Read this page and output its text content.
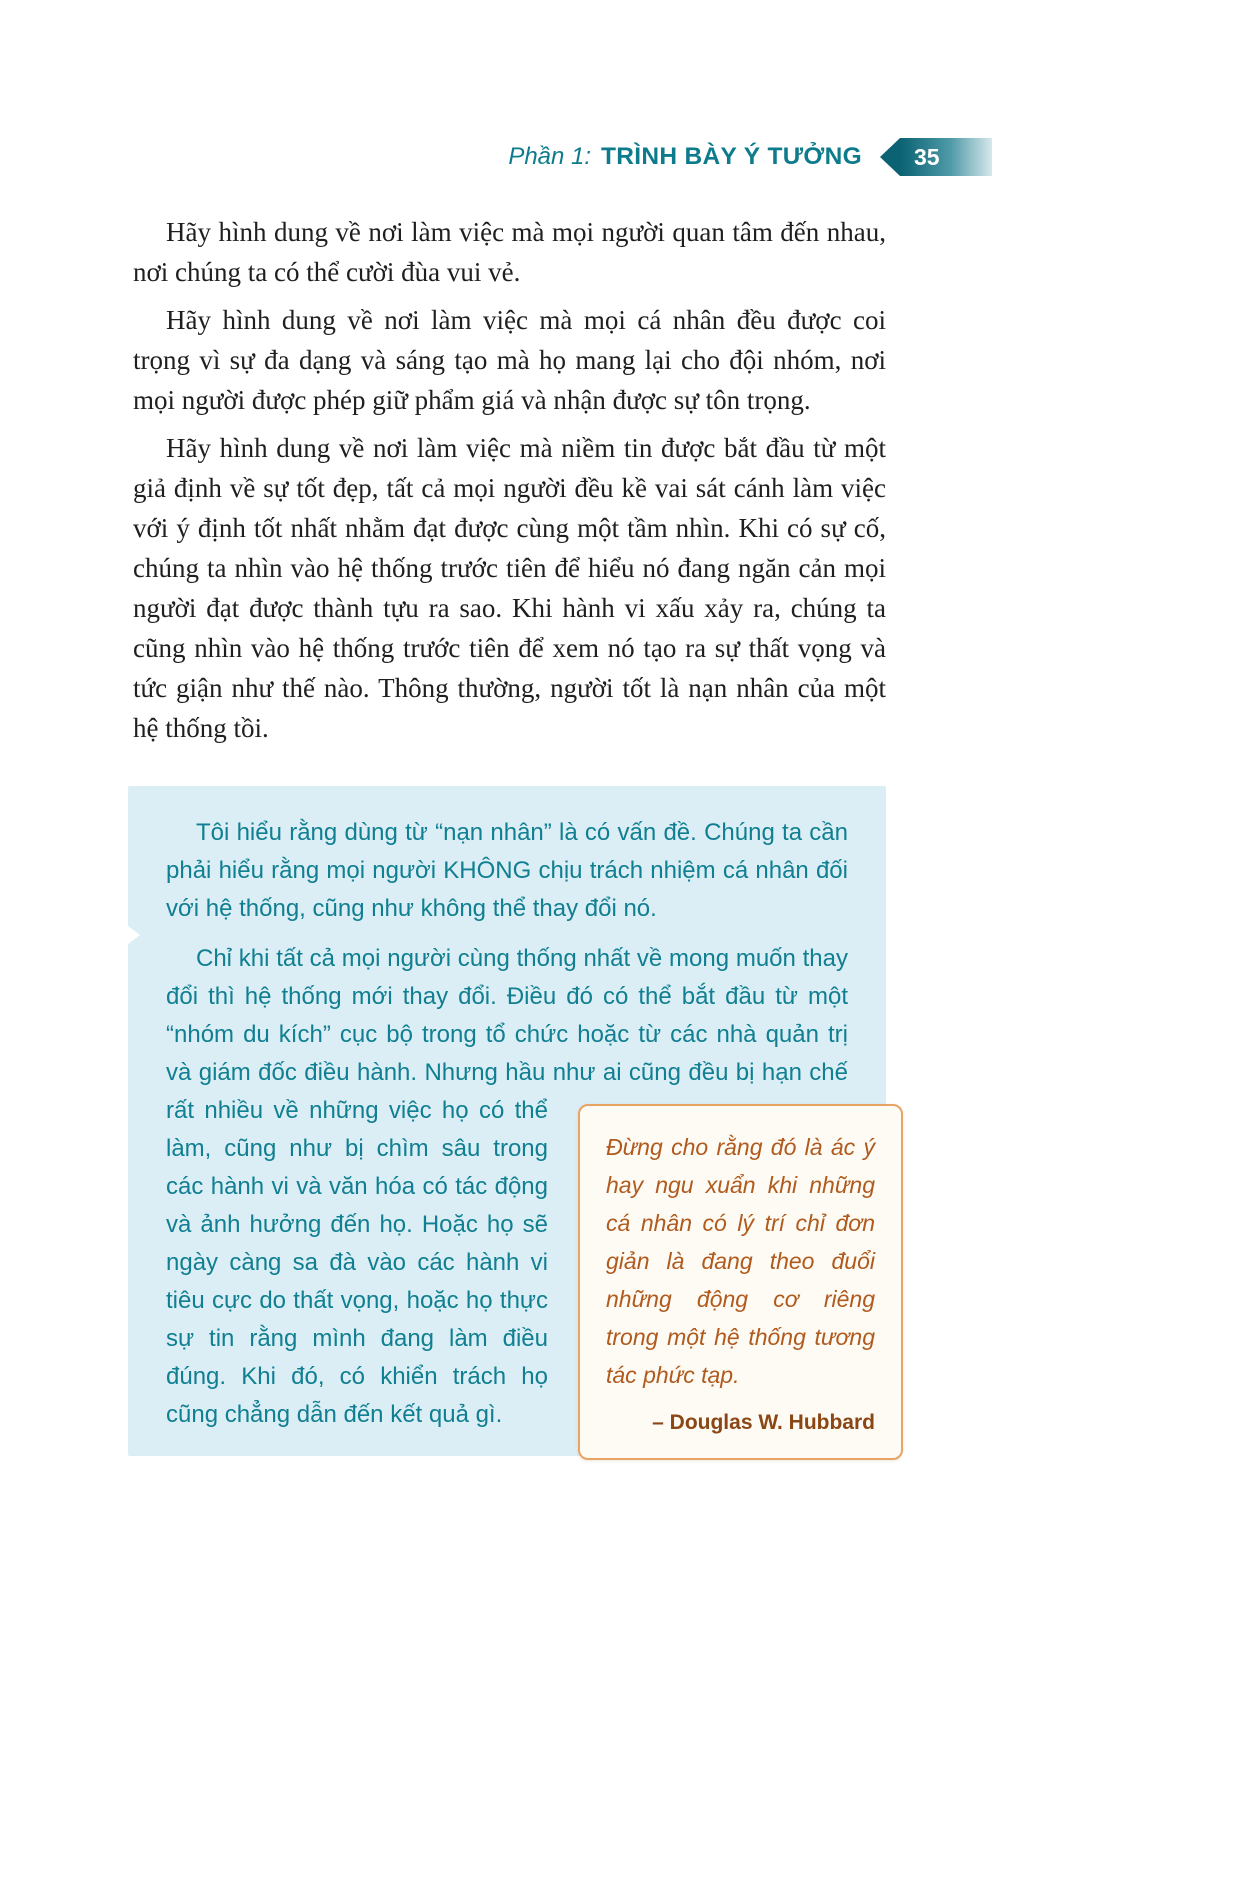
Phần 1: TRÌNH BÀY Ý TƯỞNG	35

Hãy hình dung về nơi làm việc mà mọi người quan tâm đến nhau, nơi chúng ta có thể cười đùa vui vẻ.

Hãy hình dung về nơi làm việc mà mọi cá nhân đều được coi trọng vì sự đa dạng và sáng tạo mà họ mang lại cho đội nhóm, nơi mọi người được phép giữ phẩm giá và nhận được sự tôn trọng.

Hãy hình dung về nơi làm việc mà niềm tin được bắt đầu từ một giả định về sự tốt đẹp, tất cả mọi người đều kề vai sát cánh làm việc với ý định tốt nhất nhằm đạt được cùng một tầm nhìn. Khi có sự cố, chúng ta nhìn vào hệ thống trước tiên để hiểu nó đang ngăn cản mọi người đạt được thành tựu ra sao. Khi hành vi xấu xảy ra, chúng ta cũng nhìn vào hệ thống trước tiên để xem nó tạo ra sự thất vọng và tức giận như thế nào. Thông thường, người tốt là nạn nhân của một hệ thống tồi.

Tôi hiểu rằng dùng từ “nạn nhân” là có vấn đề. Chúng ta cần phải hiểu rằng mọi người KHÔNG chịu trách nhiệm cá nhân đối với hệ thống, cũng như không thể thay đổi nó.

Đừng cho rằng đó là ác ý hay ngu xuẩn khi những cá nhân có lý trí chỉ đơn giản là đang theo đuổi những động cơ riêng trong một hệ thống tương tác phức tạp.
– Douglas W. Hubbard
Chỉ khi tất cả mọi người cùng thống nhất về mong muốn thay đổi thì hệ thống mới thay đổi. Điều đó có thể bắt đầu từ một “nhóm du kích” cục bộ trong tổ chức hoặc từ các nhà quản trị và giám đốc điều hành. Nhưng hầu như ai cũng đều bị hạn chế rất nhiều về những việc họ có thể làm, cũng như bị chìm sâu trong các hành vi và văn hóa có tác động và ảnh hưởng đến họ. Hoặc họ sẽ ngày càng sa đà vào các hành vi tiêu cực do thất vọng, hoặc họ thực sự tin rằng mình đang làm điều đúng. Khi đó, có khiển trách họ cũng chẳng dẫn đến kết quả gì.
